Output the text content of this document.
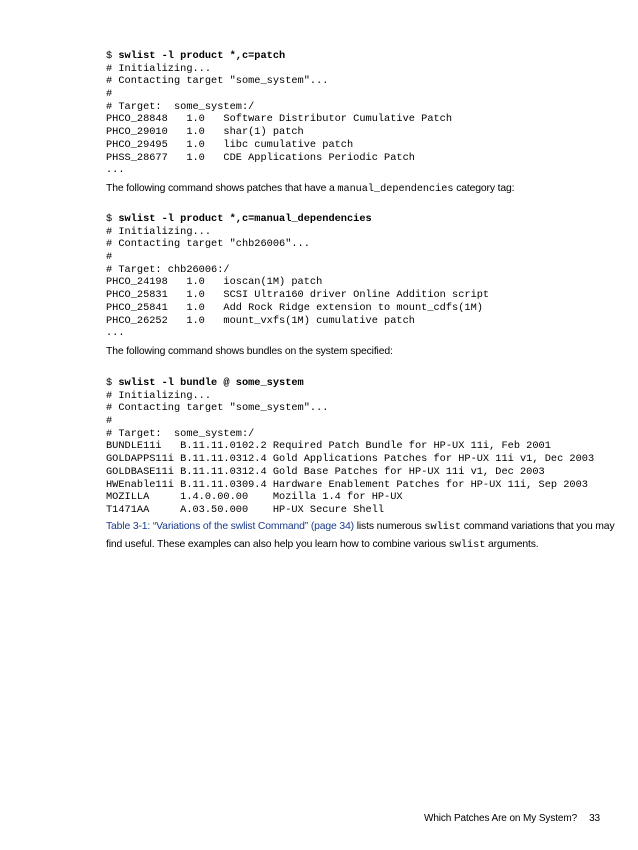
$ swlist -l product *,c=patch
# Initializing...
# Contacting target "some_system"...
#
# Target:  some_system:/
PHCO_28848   1.0   Software Distributor Cumulative Patch
PHCO_29010   1.0   shar(1) patch
PHCO_29495   1.0   libc cumulative patch
PHSS_28677   1.0   CDE Applications Periodic Patch
...
The following command shows patches that have a manual_dependencies category tag:
$ swlist -l product *,c=manual_dependencies
# Initializing...
# Contacting target "chb26006"...
#
# Target: chb26006:/
PHCO_24198   1.0   ioscan(1M) patch
PHCO_25831   1.0   SCSI Ultra160 driver Online Addition script
PHCO_25841   1.0   Add Rock Ridge extension to mount_cdfs(1M)
PHCO_26252   1.0   mount_vxfs(1M) cumulative patch
...
The following command shows bundles on the system specified:
$ swlist -l bundle @ some_system
# Initializing...
# Contacting target "some_system"...
#
# Target:  some_system:/
BUNDLE11i   B.11.11.0102.2 Required Patch Bundle for HP-UX 11i, Feb 2001
GOLDAPPS11i B.11.11.0312.4 Gold Applications Patches for HP-UX 11i v1, Dec 2003
GOLDBASE11i B.11.11.0312.4 Gold Base Patches for HP-UX 11i v1, Dec 2003
HWEnable11i B.11.11.0309.4 Hardware Enablement Patches for HP-UX 11i, Sep 2003
MOZILLA     1.4.0.00.00    Mozilla 1.4 for HP-UX
T1471AA     A.03.50.000    HP-UX Secure Shell
Table 3-1: “Variations of the swlist Command” (page 34) lists numerous swlist command variations that you may find useful. These examples can also help you learn how to combine various swlist arguments.
Which Patches Are on My System? 33
